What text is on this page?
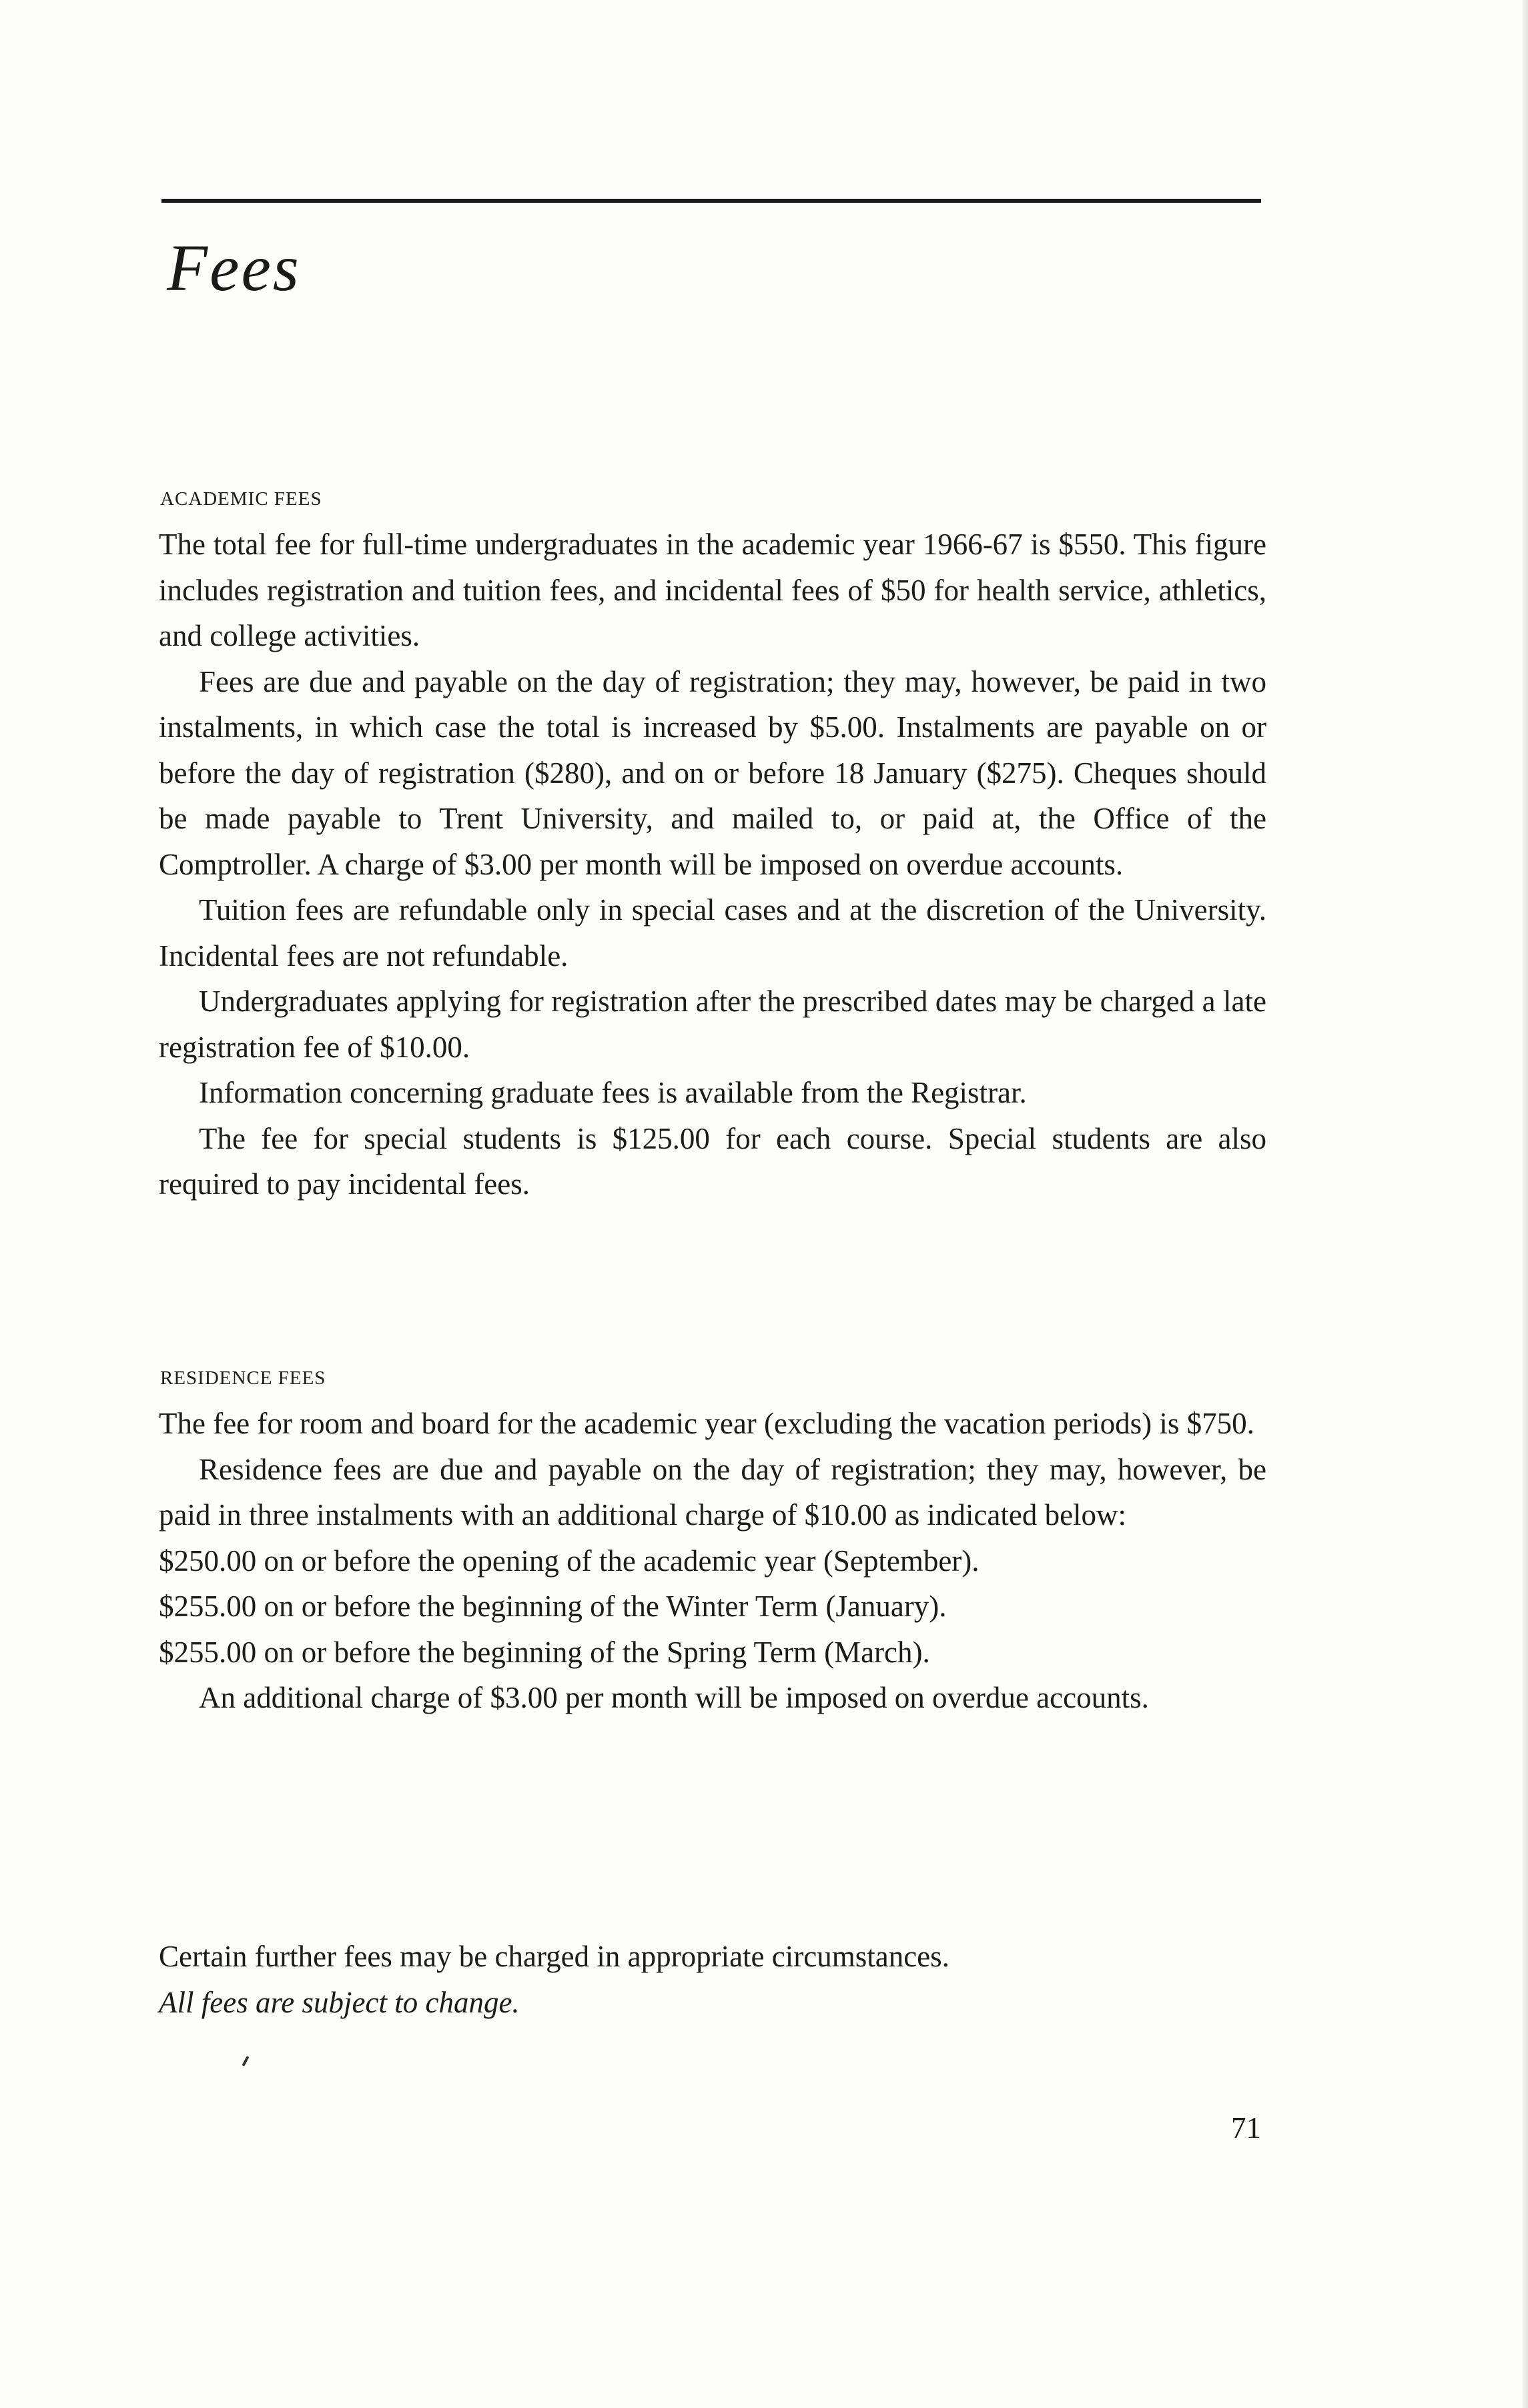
Fees
ACADEMIC FEES

The total fee for full-time undergraduates in the academic year 1966-67 is $550. This figure includes registration and tuition fees, and incidental fees of $50 for health service, athletics, and college activities.

Fees are due and payable on the day of registration; they may, however, be paid in two instalments, in which case the total is increased by $5.00. Instalments are payable on or before the day of registration ($280), and on or before 18 January ($275). Cheques should be made payable to Trent University, and mailed to, or paid at, the Office of the Comptroller. A charge of $3.00 per month will be imposed on overdue accounts.

Tuition fees are refundable only in special cases and at the discretion of the University. Incidental fees are not refundable.

Undergraduates applying for registration after the prescribed dates may be charged a late registration fee of $10.00.

Information concerning graduate fees is available from the Registrar.

The fee for special students is $125.00 for each course. Special students are also required to pay incidental fees.

RESIDENCE FEES

The fee for room and board for the academic year (excluding the vacation periods) is $750.

Residence fees are due and payable on the day of registration; they may, however, be paid in three instalments with an additional charge of $10.00 as indicated below:

$250.00 on or before the opening of the academic year (September).

$255.00 on or before the beginning of the Winter Term (January).

$255.00 on or before the beginning of the Spring Term (March).

An additional charge of $3.00 per month will be imposed on overdue accounts.

Certain further fees may be charged in appropriate circumstances.

All fees are subject to change.

71
